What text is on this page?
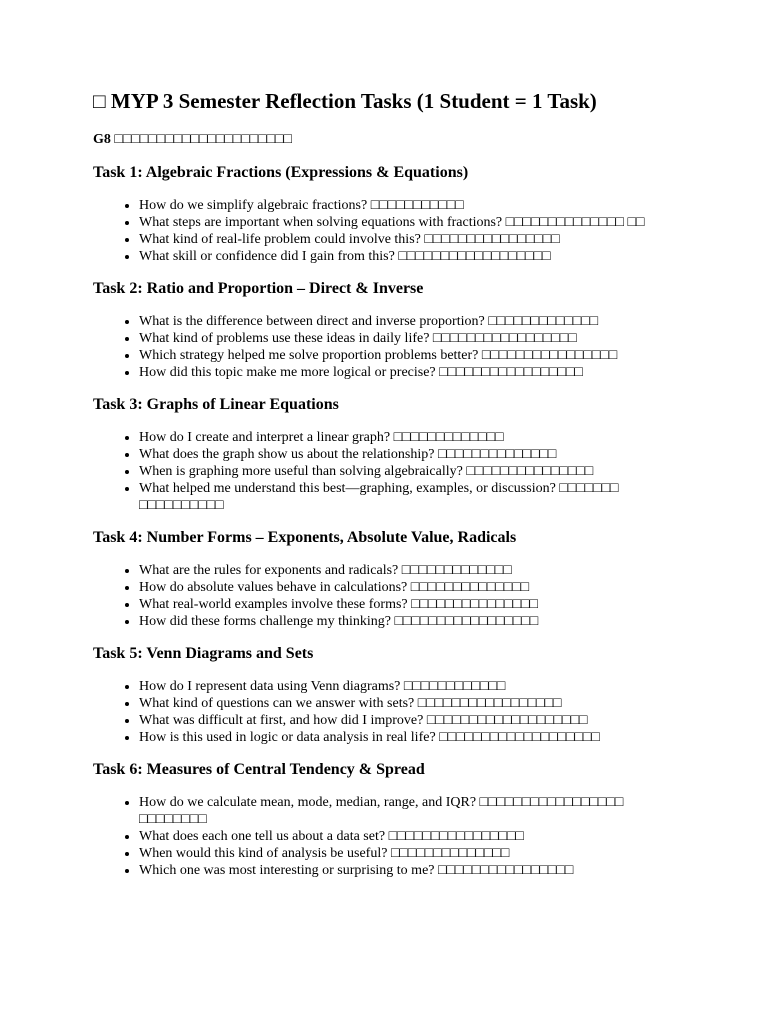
□ MYP 3 Semester Reflection Tasks (1 Student = 1 Task)
G8 □□□□□□□□□□□□□□□□□□□□□
Task 1: Algebraic Fractions (Expressions & Equations)
• How do we simplify algebraic fractions? □□□□□□□□□□□
• What steps are important when solving equations with fractions? □□□□□□□□□□□□□□ □□
• What kind of real-life problem could involve this? □□□□□□□□□□□□□□□□
• What skill or confidence did I gain from this? □□□□□□□□□□□□□□□□□□
Task 2: Ratio and Proportion – Direct & Inverse
• What is the difference between direct and inverse proportion? □□□□□□□□□□□□□
• What kind of problems use these ideas in daily life? □□□□□□□□□□□□□□□□□
• Which strategy helped me solve proportion problems better? □□□□□□□□□□□□□□□□
• How did this topic make me more logical or precise? □□□□□□□□□□□□□□□□□
Task 3: Graphs of Linear Equations
• How do I create and interpret a linear graph? □□□□□□□□□□□□□
• What does the graph show us about the relationship? □□□□□□□□□□□□□□
• When is graphing more useful than solving algebraically? □□□□□□□□□□□□□□□
• What helped me understand this best—graphing, examples, or discussion? □□□□□□□ □□□□□□□□□□
Task 4: Number Forms – Exponents, Absolute Value, Radicals
• What are the rules for exponents and radicals? □□□□□□□□□□□□□
• How do absolute values behave in calculations? □□□□□□□□□□□□□□
• What real-world examples involve these forms? □□□□□□□□□□□□□□□
• How did these forms challenge my thinking? □□□□□□□□□□□□□□□□□
Task 5: Venn Diagrams and Sets
• How do I represent data using Venn diagrams? □□□□□□□□□□□□
• What kind of questions can we answer with sets? □□□□□□□□□□□□□□□□□
• What was difficult at first, and how did I improve? □□□□□□□□□□□□□□□□□□□
• How is this used in logic or data analysis in real life? □□□□□□□□□□□□□□□□□□□
Task 6: Measures of Central Tendency & Spread
• How do we calculate mean, mode, median, range, and IQR? □□□□□□□□□□□□□□□□□ □□□□□□□□
• What does each one tell us about a data set? □□□□□□□□□□□□□□□□
• When would this kind of analysis be useful? □□□□□□□□□□□□□□
• Which one was most interesting or surprising to me? □□□□□□□□□□□□□□□□
